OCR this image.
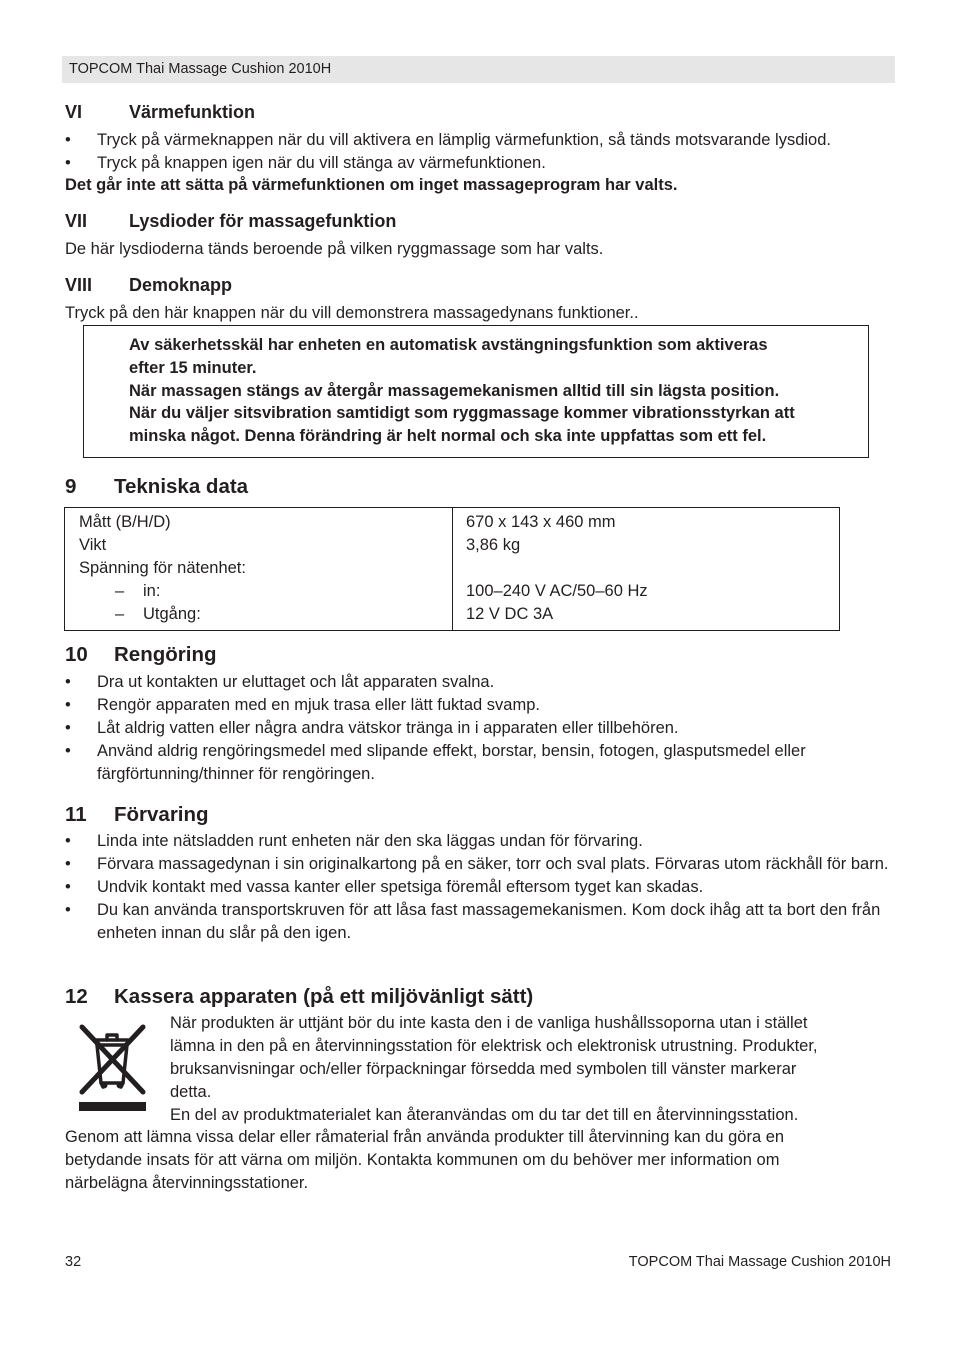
TOPCOM Thai Massage Cushion 2010H
VI	Värmefunktion
• Tryck på värmeknappen när du vill aktivera en lämplig värmefunktion, så tänds motsvarande lysdiod.
• Tryck på knappen igen när du vill stänga av värmefunktionen.
Det går inte att sätta på värmefunktionen om inget massageprogram har valts.
VII Lysdioder för massagefunktion
De här lysdioderna tänds beroende på vilken ryggmassage som har valts.
VIII Demoknapp
Tryck på den här knappen när du vill demonstrera massagedynans funktioner..
Av säkerhetsskäl har enheten en automatisk avstängningsfunktion som aktiveras
efter 15 minuter.
När massagen stängs av återgår massagemekanismen alltid till sin lägsta position.
När du väljer sitsvibration samtidigt som ryggmassage kommer vibrationsstyrkan att
minska något. Denna förändring är helt normal och ska inte uppfattas som ett fel.
9 Tekniska data
Mått (B/H/D)
Vikt
Spänning för nätenhet:
– in:
– Utgång:
670 x 143 x 460 mm
3,86 kg
100–240 V AC/50–60 Hz
12 V DC 3A
10 Rengöring
• Dra ut kontakten ur eluttaget och låt apparaten svalna.
• Rengör apparaten med en mjuk trasa eller lätt fuktad svamp.
• Låt aldrig vatten eller några andra vätskor tränga in i apparaten eller tillbehören.
• Använd aldrig rengöringsmedel med slipande effekt, borstar, bensin, fotogen, glasputsmedel eller färgförtunning/thinner för rengöringen.
11 Förvaring
• Linda inte nätsladden runt enheten när den ska läggas undan för förvaring.
• Förvara massagedynan i sin originalkartong på en säker, torr och sval plats. Förvaras utom räckhåll för barn.
• Undvik kontakt med vassa kanter eller spetsiga föremål eftersom tyget kan skadas.
• Du kan använda transportskruven för att låsa fast massagemekanismen. Kom dock ihåg att ta bort den från enheten innan du slår på den igen.
12 Kassera apparaten (på ett miljövänligt sätt)
När produkten är uttjänt bör du inte kasta den i de vanliga hushållssoporna utan i stället
lämna in den på en återvinningsstation för elektrisk och elektronisk utrustning. Produkter,
bruksanvisningar och/eller förpackningar försedda med symbolen till vänster markerar
detta.
En del av produktmaterialet kan återanvändas om du tar det till en återvinningsstation.
Genom att lämna vissa delar eller råmaterial från använda produkter till återvinning kan du göra en
betydande insats för att värna om miljön. Kontakta kommunen om du behöver mer information om
närbelägna återvinningsstationer.
32	TOPCOM Thai Massage Cushion 2010H
